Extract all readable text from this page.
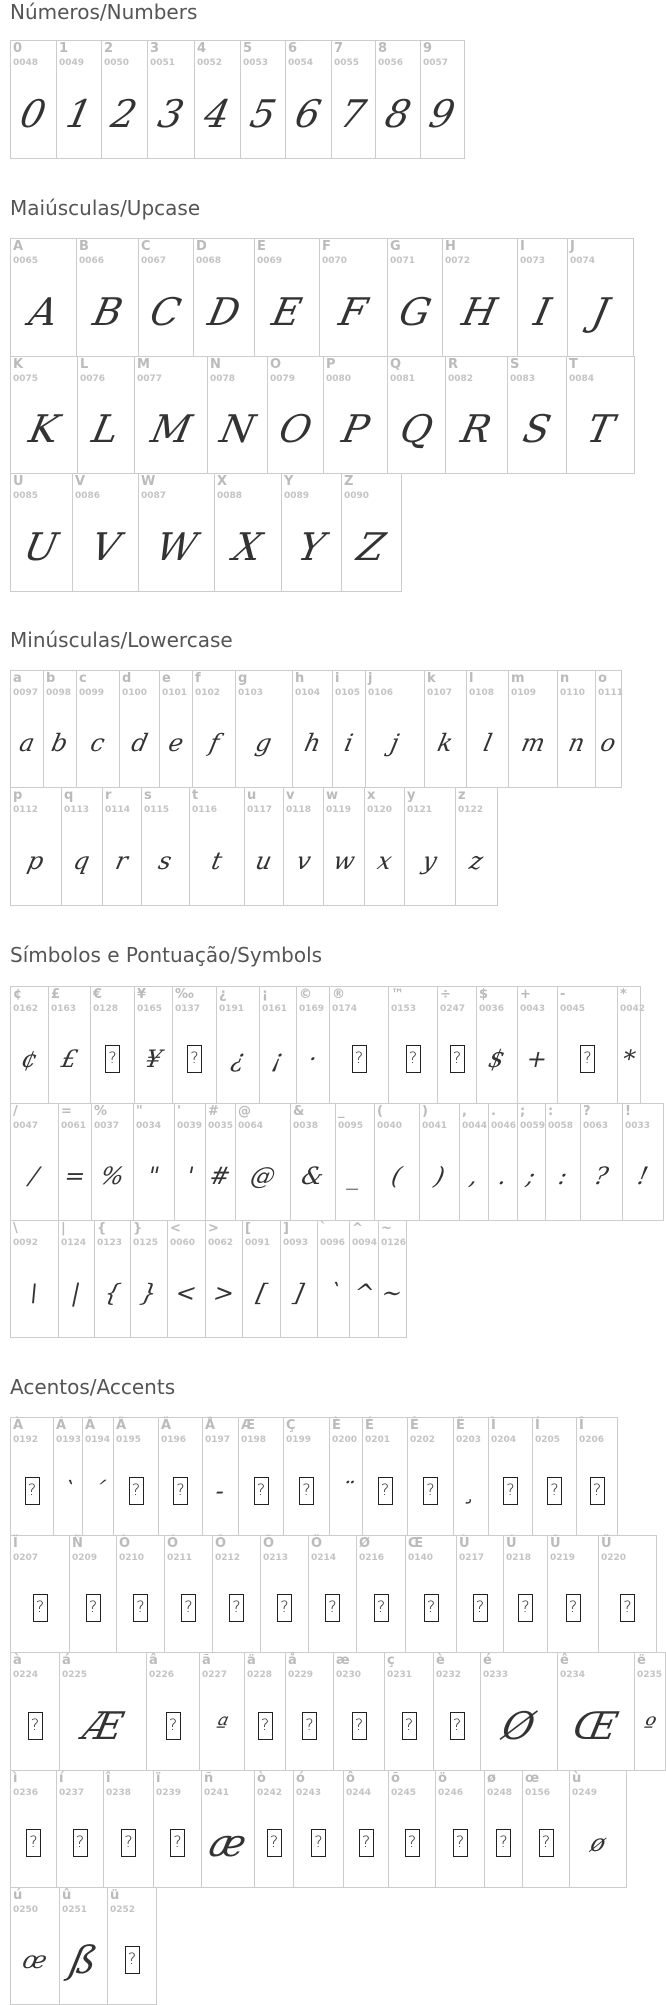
Números/Numbers
0
0048
0
1
0049
1
2
0050
2
3
0051
3
4
0052
4
5
0053
5
6
0054
6
7
0055
7
8
0056
8
9
0057
9
Maiúsculas/Upcase
A
0065
A
B
0066
B
C
0067
C
D
0068
D
E
0069
E
F
0070
F
G
0071
G
H
0072
H
I
0073
I
J
0074
J
K
0075
K
L
0076
L
M
0077
M
N
0078
N
O
0079
O
P
0080
P
Q
0081
Q
R
0082
R
S
0083
S
T
0084
T
U
0085
U
V
0086
V
W
0087
W
X
0088
X
Y
0089
Y
Z
0090
Z
Minúsculas/Lowercase
a
0097
a
b
0098
b
c
0099
c
d
0100
d
e
0101
e
f
0102
f
g
0103
g
h
0104
h
i
0105
i
j
0106
j
k
0107
k
l
0108
l
m
0109
m
n
0110
n
o
0111
o
p
0112
p
q
0113
q
r
0114
r
s
0115
s
t
0116
t
u
0117
u
v
0118
v
w
0119
w
x
0120
x
y
0121
y
z
0122
z
Símbolos e Pontuação/Symbols
¢
0162
¢
£
0163
£
€
0128
?
¥
0165
¥
‰
0137
?
¿
0191
¿
¡
0161
¡
©
0169
·
®
0174
?
™
0153
?
÷
0247
?
$
0036
$
+
0043
+
-
0045
?
*
0042
*
/
0047
/
=
0061
=
%
0037
%
"
0034
"
'
0039
'
#
0035
#
@
0064
@
&
0038
&
_
0095
_
(
0040
(
)
0041
)
,
0044
,
.
0046
.
;
0059
;
:
0058
:
?
0063
?
!
0033
!
\
0092
\
|
0124
|
{
0123
{
}
0125
}
<
0060
<
>
0062
>
[
0091
[
]
0093
]
`
0096
`
^
0094
^
~
0126
~
Acentos/Accents
À
0192
?
Á
0193
`
Â
0194
´
Ã
0195
?
Ä
0196
?
Å
0197
-
Æ
0198
?
Ç
0199
?
È
0200
¨
É
0201
?
Ê
0202
?
Ë
0203
¸
Ì
0204
?
Í
0205
?
Î
0206
?
Ï
0207
?
Ñ
0209
?
Ò
0210
?
Ó
0211
?
Ô
0212
?
Õ
0213
?
Ö
0214
?
Ø
0216
?
Œ
0140
?
Ù
0217
?
Ú
0218
?
Û
0219
?
Ü
0220
?
à
0224
?
á
0225
Æ
â
0226
?
ã
0227
ª
ä
0228
?
å
0229
?
æ
0230
?
ç
0231
?
è
0232
?
é
0233
Ø
ê
0234
Œ
ë
0235
º
ì
0236
?
í
0237
?
î
0238
?
ï
0239
?
ñ
0241
æ
ò
0242
?
ó
0243
?
ô
0244
?
õ
0245
?
ö
0246
?
ø
0248
?
œ
0156
?
ù
0249
ø
ú
0250
œ
û
0251
ß
ü
0252
?
